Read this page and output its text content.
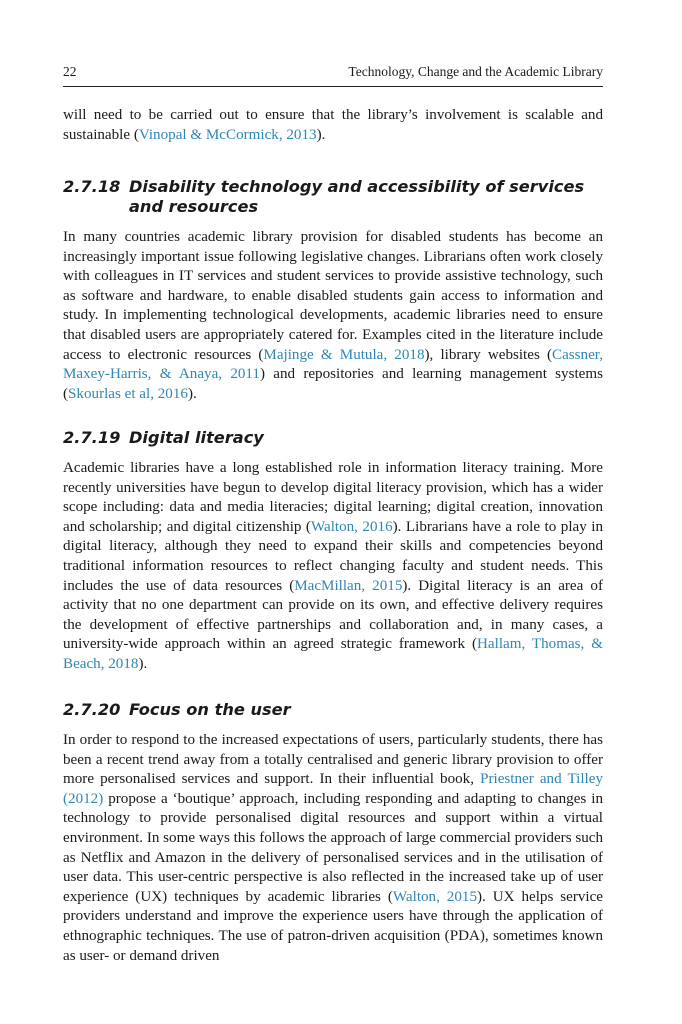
22	Technology, Change and the Academic Library

will need to be carried out to ensure that the library’s involvement is scalable and sustainable (Vinopal & McCormick, 2013).

2.7.18 Disability technology and accessibility of services and resources

In many countries academic library provision for disabled students has become an increasingly important issue following legislative changes. Librarians often work closely with colleagues in IT services and student services to provide assistive technology, such as software and hardware, to enable disabled students gain access to information and study. In implementing technological developments, academic libraries need to ensure that disabled users are appropriately catered for. Examples cited in the literature include access to electronic resources (Majinge & Mutula, 2018), library websites (Cassner, Maxey-Harris, & Anaya, 2011) and repositories and learning management systems (Skourlas et al, 2016).

2.7.19 Digital literacy

Academic libraries have a long established role in information literacy training. More recently universities have begun to develop digital literacy provision, which has a wider scope including: data and media literacies; digital learning; digital creation, innovation and scholarship; and digital citizenship (Walton, 2016). Librarians have a role to play in digital literacy, although they need to expand their skills and competencies beyond traditional information resources to reflect changing faculty and student needs. This includes the use of data resources (MacMillan, 2015). Digital literacy is an area of activity that no one department can provide on its own, and effective delivery requires the development of effective partnerships and collaboration and, in many cases, a university-wide approach within an agreed strategic framework (Hallam, Thomas, & Beach, 2018).

2.7.20 Focus on the user

In order to respond to the increased expectations of users, particularly students, there has been a recent trend away from a totally centralised and generic library provision to offer more personalised services and support. In their influential book, Priestner and Tilley (2012) propose a ‘boutique’ approach, including responding and adapting to changes in technology to provide personalised digital resources and support within a virtual environment. In some ways this follows the approach of large commercial providers such as Netflix and Amazon in the delivery of personalised services and in the utilisation of user data. This user-centric perspective is also reflected in the increased take up of user experience (UX) techniques by academic libraries (Walton, 2015). UX helps service providers understand and improve the experience users have through the application of ethnographic techniques. The use of patron-driven acquisition (PDA), sometimes known as user- or demand driven
